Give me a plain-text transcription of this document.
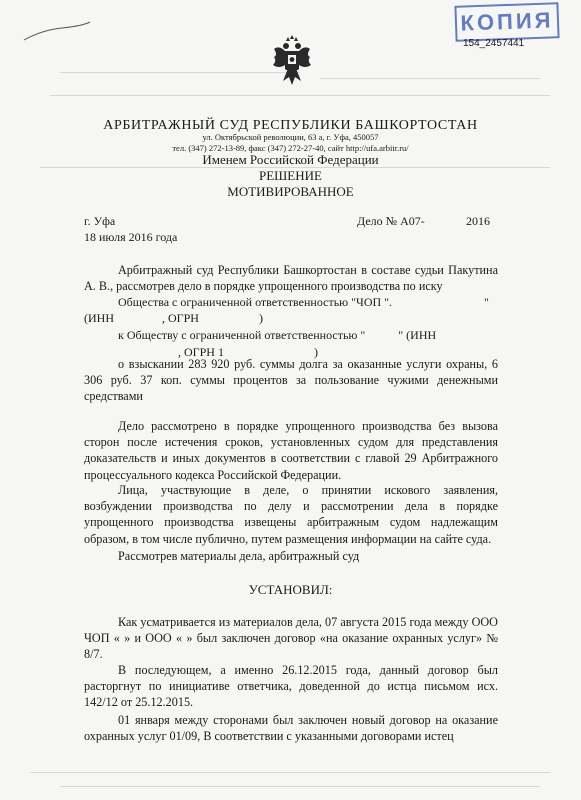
КОПИЯ
154_2457441
АРБИТРАЖНЫЙ СУД РЕСПУБЛИКИ БАШКОРТОСТАН
ул. Октябрьской революции, 63 а, г. Уфа, 450057
тел. (347) 272-13-89, факс (347) 272-27-40, сайт http://ufa.arbitr.ru/
Именем Российской Федерации
РЕШЕНИЕ
МОТИВИРОВАННОЕ
г. Уфа	Дело № А07-	2016
18 июля 2016 года

Арбитражный суд Республики Башкортостан в составе судьи Пакутина А. В., рассмотрев дело в порядке упрощенного производства по иску

Общества с ограниченной ответственностью "ЧОП ".	"
(ИНН                , ОГРН                    )
к Обществу с ограниченной ответственностью "           " (ИНН
, ОГРН 1                              )

о взыскании 283 920 руб. суммы долга за оказанные услуги охраны, 6 306 руб. 37 коп. суммы процентов за пользование чужими денежными средствами

Дело рассмотрено в порядке упрощенного производства без вызова сторон после истечения сроков, установленных судом для представления доказательств и иных документов в соответствии с главой 29 Арбитражного процессуального кодекса Российской Федерации.

Лица, участвующие в деле, о принятии искового заявления, возбуждении производства по делу и рассмотрении дела в порядке упрощенного производства извещены арбитражным судом надлежащим образом, в том числе публично, путем размещения информации на сайте суда.

Рассмотрев материалы дела, арбитражный суд

УСТАНОВИЛ:

Как усматривается из материалов дела, 07 августа 2015 года между ООО ЧОП « » и ООО « » был заключен договор «на оказание охранных услуг» № 8/7.

В последующем, а именно 26.12.2015 года, данный договор был расторгнут по инициативе ответчика, доведенной до истца письмом исх. 142/12 от 25.12.2015.

01 января между сторонами был заключен новый договор на оказание охранных услуг 01/09, В соответствии с указанными договорами истец
